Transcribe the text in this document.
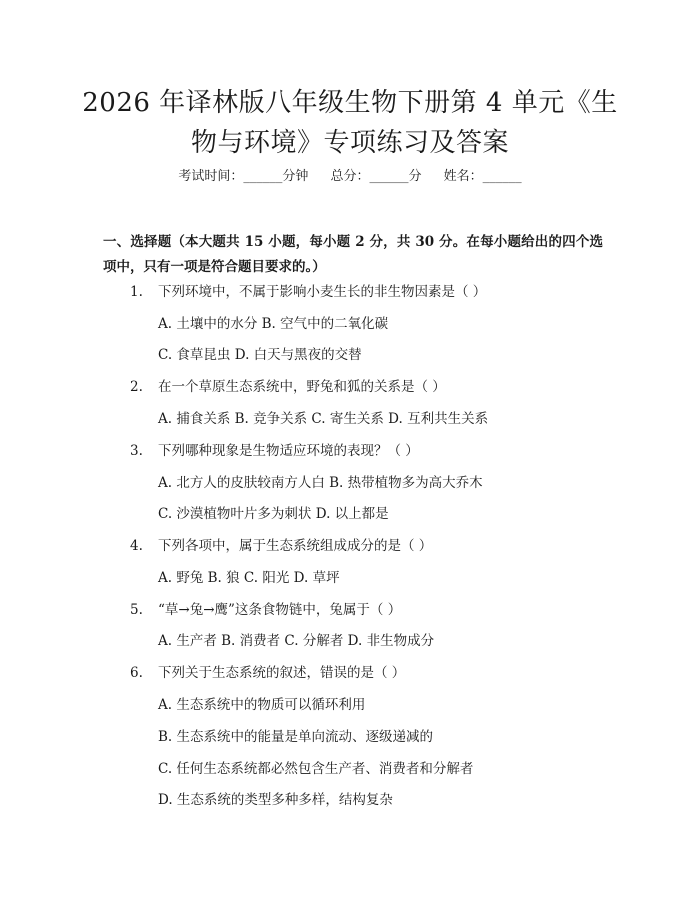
2026 年译林版八年级生物下册第 4 单元《生
物与环境》专项练习及答案
考试时间：______分钟 总分：______分 姓名：______
一、选择题（本大题共 15 小题，每小题 2 分，共 30 分。在每小题给出的四个选项中，只有一项是符合题目要求的。）
1. 下列环境中，不属于影响小麦生长的非生物因素是（ ）
A. 土壤中的水分 B. 空气中的二氧化碳
C. 食草昆虫 D. 白天与黑夜的交替
2. 在一个草原生态系统中，野兔和狐的关系是（ ）
A. 捕食关系 B. 竞争关系 C. 寄生关系 D. 互利共生关系
3. 下列哪种现象是生物适应环境的表现？（ ）
A. 北方人的皮肤较南方人白 B. 热带植物多为高大乔木
C. 沙漠植物叶片多为刺状 D. 以上都是
4. 下列各项中，属于生态系统组成成分的是（ ）
A. 野兔 B. 狼 C. 阳光 D. 草坪
5. “草→兔→鹰”这条食物链中，兔属于（ ）
A. 生产者 B. 消费者 C. 分解者 D. 非生物成分
6. 下列关于生态系统的叙述，错误的是（ ）
A. 生态系统中的物质可以循环利用
B. 生态系统中的能量是单向流动、逐级递减的
C. 任何生态系统都必然包含生产者、消费者和分解者
D. 生态系统的类型多种多样，结构复杂
